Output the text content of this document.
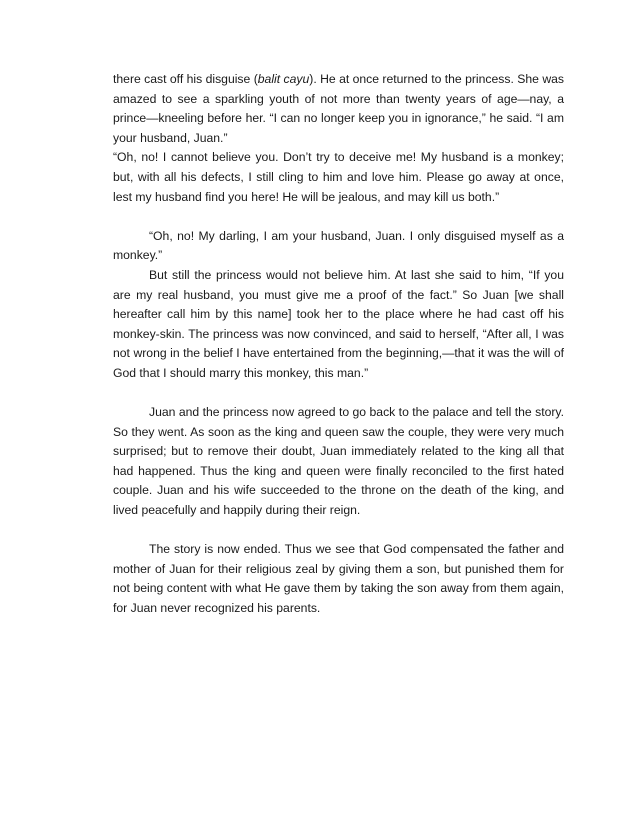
there cast off his disguise (balit cayu). He at once returned to the princess. She was amazed to see a sparkling youth of not more than twenty years of age—nay, a prince—kneeling before her. “I can no longer keep you in ignorance,” he said. “I am your husband, Juan.”

“Oh, no! I cannot believe you. Don’t try to deceive me! My husband is a monkey; but, with all his defects, I still cling to him and love him. Please go away at once, lest my husband find you here! He will be jealous, and may kill us both.”

“Oh, no! My darling, I am your husband, Juan. I only disguised myself as a monkey.”

But still the princess would not believe him. At last she said to him, “If you are my real husband, you must give me a proof of the fact.” So Juan [we shall hereafter call him by this name] took her to the place where he had cast off his monkey-skin. The princess was now convinced, and said to herself, “After all, I was not wrong in the belief I have entertained from the beginning,—that it was the will of God that I should marry this monkey, this man.”

Juan and the princess now agreed to go back to the palace and tell the story. So they went. As soon as the king and queen saw the couple, they were very much surprised; but to remove their doubt, Juan immediately related to the king all that had happened. Thus the king and queen were finally reconciled to the first hated couple. Juan and his wife succeeded to the throne on the death of the king, and lived peacefully and happily during their reign.

The story is now ended. Thus we see that God compensated the father and mother of Juan for their religious zeal by giving them a son, but punished them for not being content with what He gave them by taking the son away from them again, for Juan never recognized his parents.
